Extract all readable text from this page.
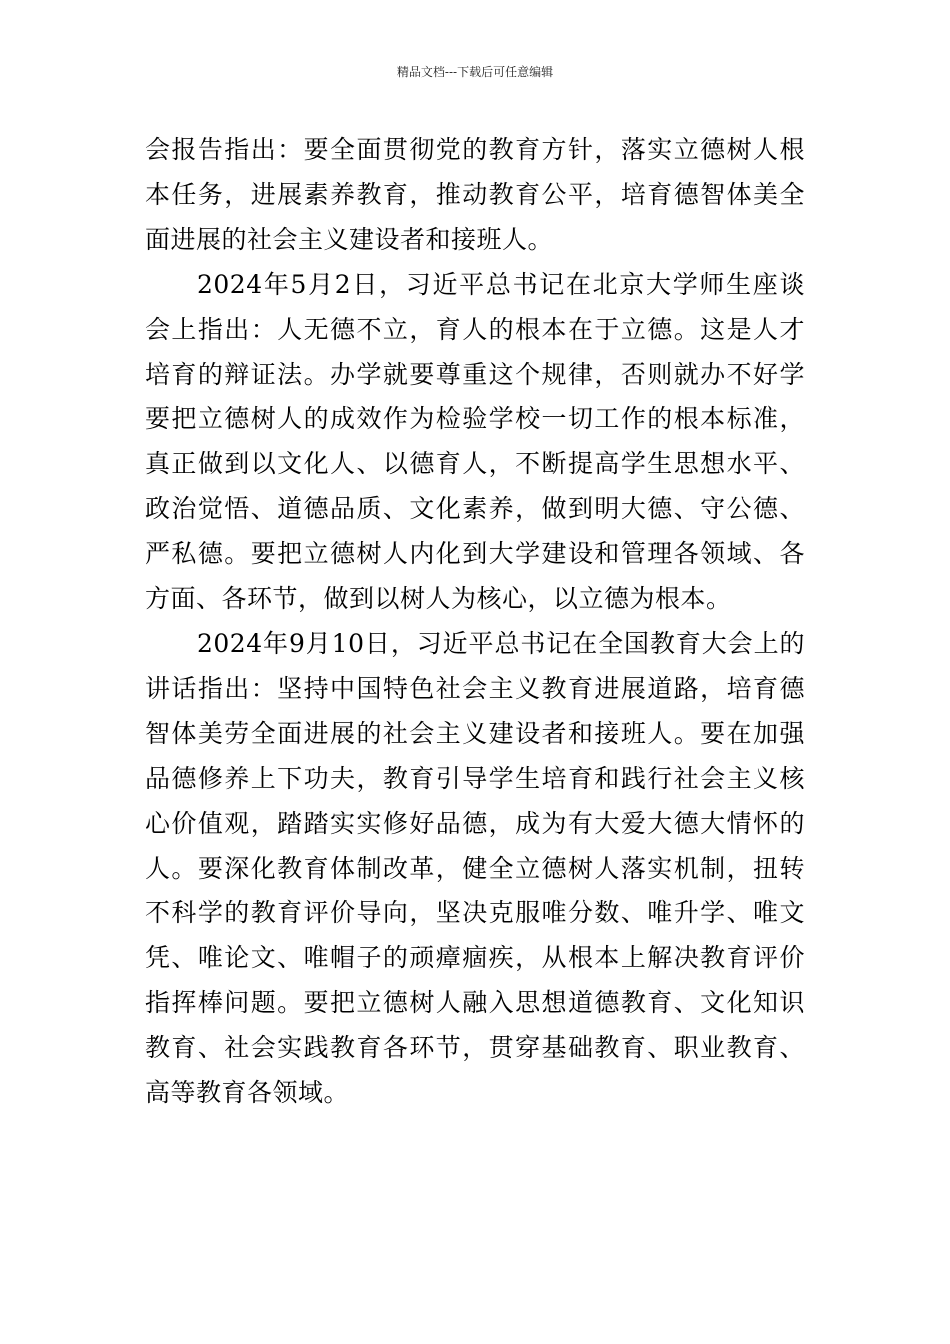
精品文档---下载后可任意编辑

会报告指出：要全面贯彻党的教育方针，落实立德树人根本任务，进展素养教育，推动教育公平，培育德智体美全面进展的社会主义建设者和接班人。

2024年5月2日，习近平总书记在北京大学师生座谈会上指出：人无德不立，育人的根本在于立德。这是人才培育的辩证法。办学就要尊重这个规律，否则就办不好学要把立德树人的成效作为检验学校一切工作的根本标准，真正做到以文化人、以德育人，不断提高学生思想水平、政治觉悟、道德品质、文化素养，做到明大德、守公德、严私德。要把立德树人内化到大学建设和管理各领域、各方面、各环节，做到以树人为核心，以立德为根本。

2024年9月10日，习近平总书记在全国教育大会上的讲话指出：坚持中国特色社会主义教育进展道路，培育德智体美劳全面进展的社会主义建设者和接班人。要在加强品德修养上下功夫，教育引导学生培育和践行社会主义核心价值观，踏踏实实修好品德，成为有大爱大德大情怀的人。要深化教育体制改革，健全立德树人落实机制，扭转不科学的教育评价导向，坚决克服唯分数、唯升学、唯文凭、唯论文、唯帽子的顽瘴痼疾，从根本上解决教育评价指挥棒问题。要把立德树人融入思想道德教育、文化知识教育、社会实践教育各环节，贯穿基础教育、职业教育、高等教育各领域。
